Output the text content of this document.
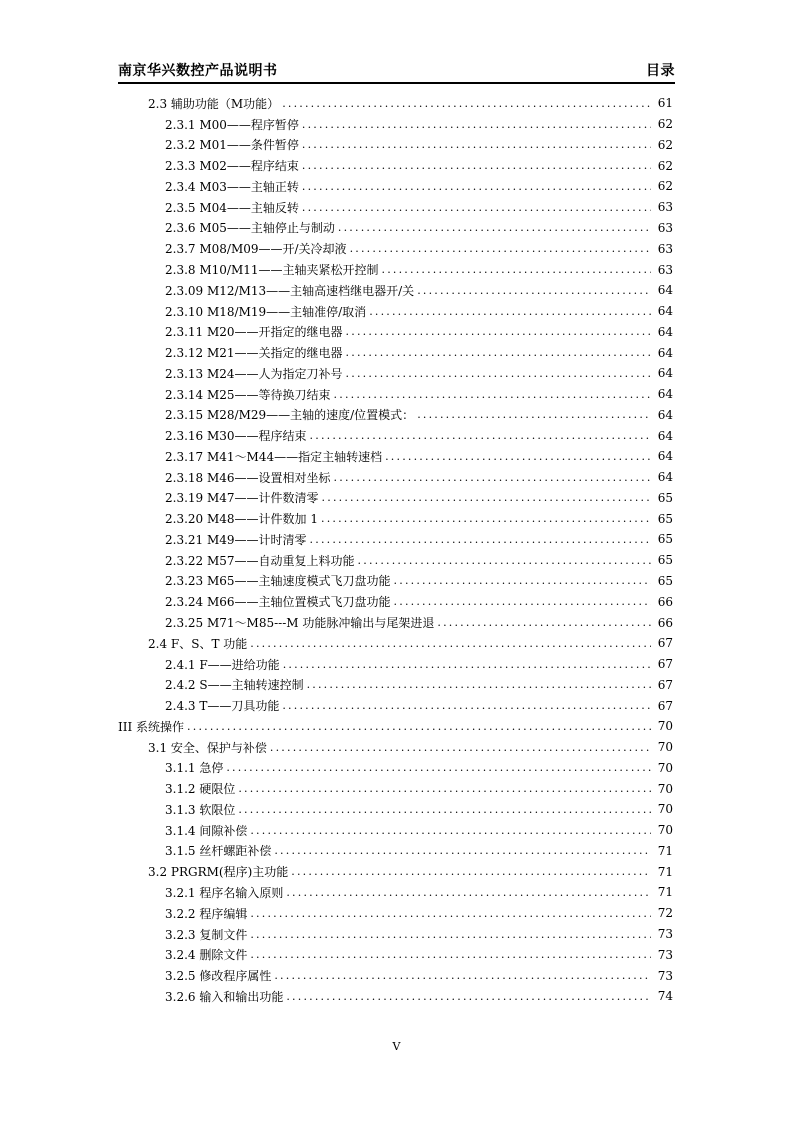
南京华兴数控产品说明书	目录
2.3 辅助功能（M功能） .....	61
2.3.1 M00——程序暂停 .....	62
2.3.2 M01——条件暂停 .....	62
2.3.3 M02——程序结束 .....	62
2.3.4 M03——主轴正转 .....	62
2.3.5 M04——主轴反转 .....	63
2.3.6 M05——主轴停止与制动 .....	63
2.3.7 M08/M09——开/关冷却液 .....	63
2.3.8 M10/M11——主轴夹紧松开控制 .....	63
2.3.09 M12/M13——主轴高速档继电器开/关 .....	64
2.3.10 M18/M19——主轴准停/取消 .....	64
2.3.11 M20——开指定的继电器 .....	64
2.3.12 M21——关指定的继电器 .....	64
2.3.13 M24——人为指定刀补号 .....	64
2.3.14 M25——等待换刀结束 .....	64
2.3.15 M28/M29——主轴的速度/位置模式： .....	64
2.3.16 M30——程序结束 .....	64
2.3.17 M41～M44——指定主轴转速档 .....	64
2.3.18 M46——设置相对坐标 .....	64
2.3.19 M47——计件数清零 .....	65
2.3.20 M48——计件数加 1 .....	65
2.3.21 M49——计时清零 .....	65
2.3.22 M57——自动重复上料功能 .....	65
2.3.23 M65——主轴速度模式飞刀盘功能 .....	65
2.3.24 M66——主轴位置模式飞刀盘功能 .....	66
2.3.25 M71～M85---M 功能脉冲输出与尾架进退 .....	66
2.4 F、S、T 功能 .....	67
2.4.1 F——进给功能 .....	67
2.4.2 S——主轴转速控制 .....	67
2.4.3 T——刀具功能 .....	67
III 系统操作 .....	70
3.1 安全、保护与补偿 .....	70
3.1.1 急停 .....	70
3.1.2 硬限位 .....	70
3.1.3 软限位 .....	70
3.1.4 间隙补偿 .....	70
3.1.5 丝杆螺距补偿 .....	71
3.2 PRGRM(程序)主功能 .....	71
3.2.1 程序名输入原则 .....	71
3.2.2 程序编辑 .....	72
3.2.3 复制文件 .....	73
3.2.4 删除文件 .....	73
3.2.5 修改程序属性 .....	73
3.2.6 输入和输出功能 .....	74
V
